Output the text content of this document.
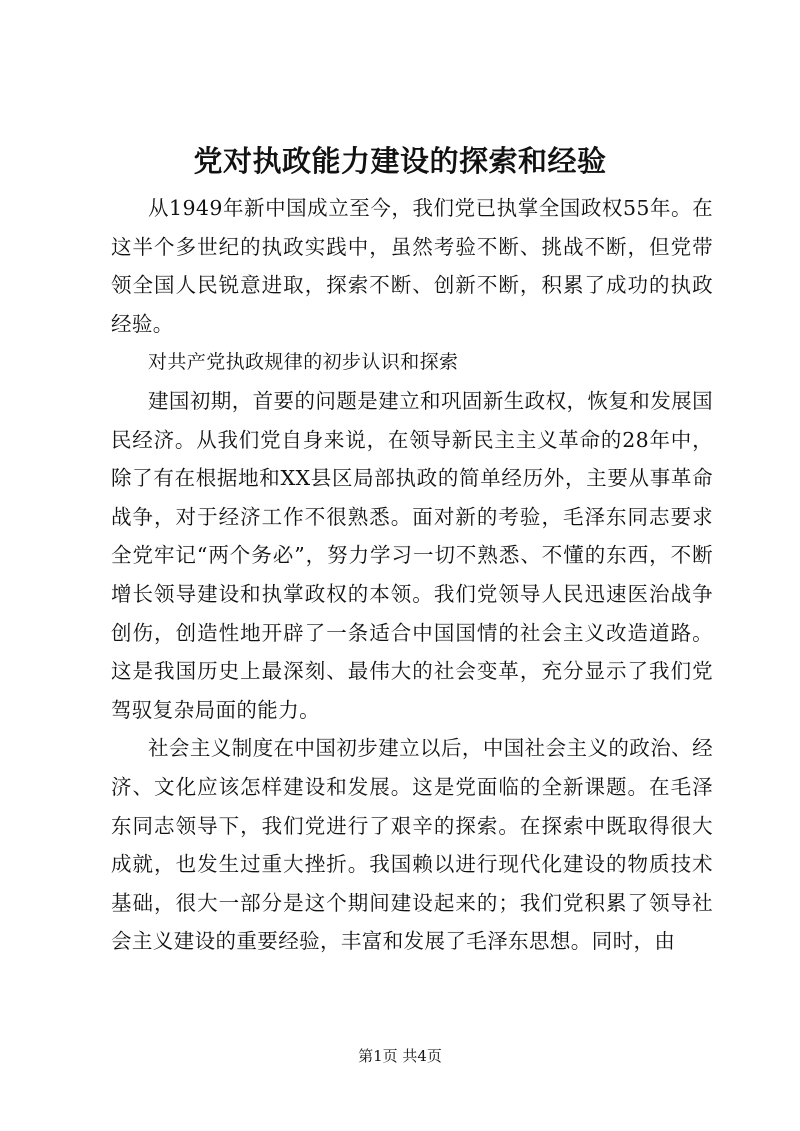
党对执政能力建设的探索和经验

从1949年新中国成立至今，我们党已执掌全国政权55年。在这半个多世纪的执政实践中，虽然考验不断、挑战不断，但党带领全国人民锐意进取，探索不断、创新不断，积累了成功的执政经验。

对共产党执政规律的初步认识和探索

建国初期，首要的问题是建立和巩固新生政权，恢复和发展国民经济。从我们党自身来说，在领导新民主主义革命的28年中，除了有在根据地和XX县区局部执政的简单经历外，主要从事革命战争，对于经济工作不很熟悉。面对新的考验，毛泽东同志要求全党牢记“两个务必”，努力学习一切不熟悉、不懂的东西，不断增长领导建设和执掌政权的本领。我们党领导人民迅速医治战争创伤，创造性地开辟了一条适合中国国情的社会主义改造道路。这是我国历史上最深刻、最伟大的社会变革，充分显示了我们党驾驭复杂局面的能力。

社会主义制度在中国初步建立以后，中国社会主义的政治、经济、文化应该怎样建设和发展。这是党面临的全新课题。在毛泽东同志领导下，我们党进行了艰辛的探索。在探索中既取得很大成就，也发生过重大挫折。我国赖以进行现代化建设的物质技术基础，很大一部分是这个期间建设起来的；我们党积累了领导社会主义建设的重要经验，丰富和发展了毛泽东思想。同时，由

第1页 共4页
